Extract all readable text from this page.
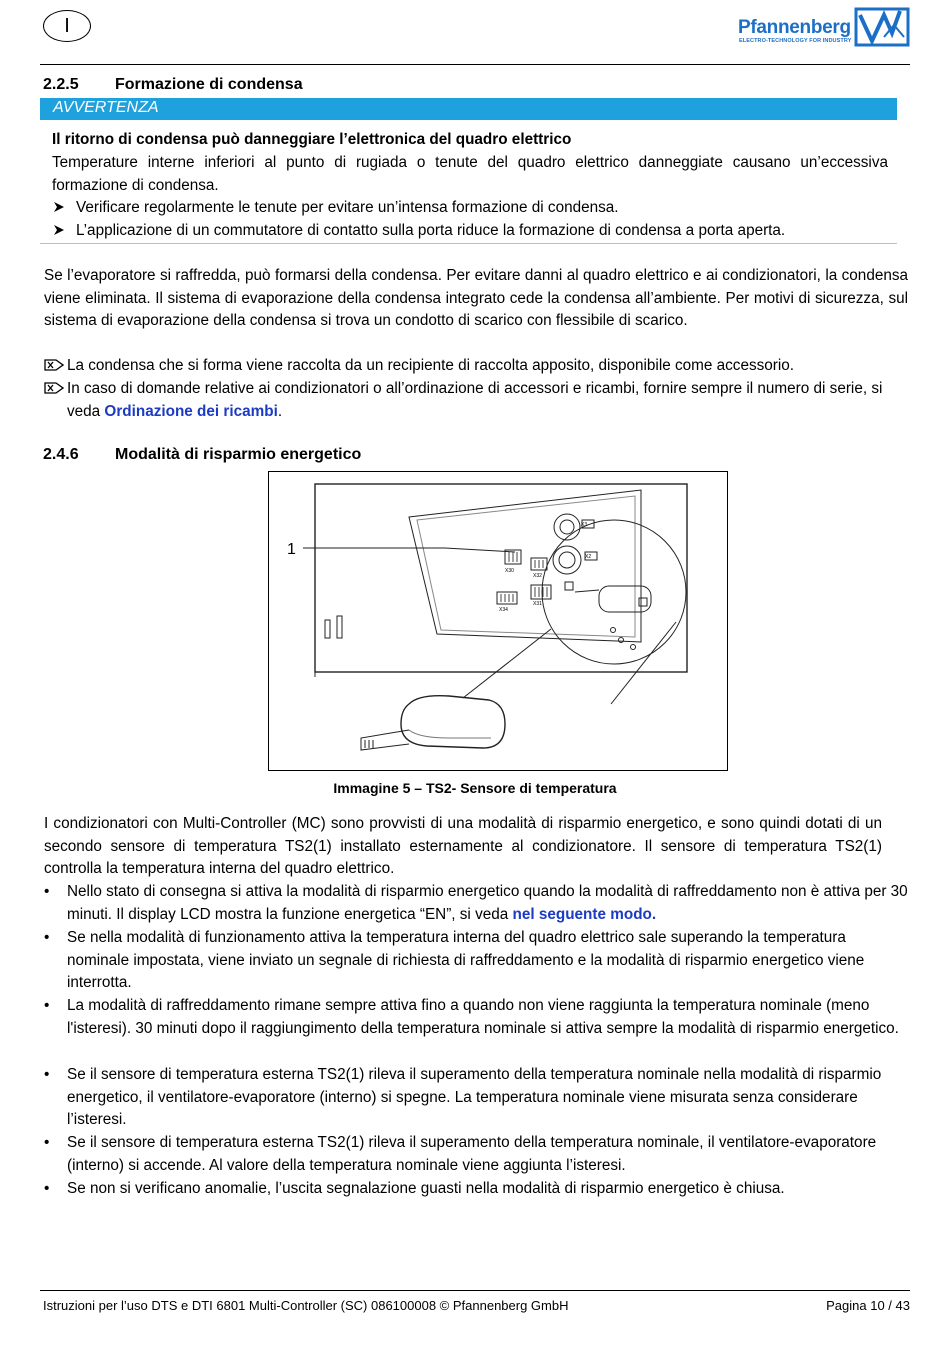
I	Pfannenberg
ELECTRO-TECHNOLOGY FOR INDUSTRY
2.2.5 Formazione di condensa
AVVERTENZA
Il ritorno di condensa può danneggiare l’elettronica del quadro elettrico
Temperature interne inferiori al punto di rugiada o tenute del quadro elettrico danneggiate causano un’eccessiva formazione di condensa.
Verificare regolarmente le tenute per evitare un’intensa formazione di condensa.
L’applicazione di un commutatore di contatto sulla porta riduce la formazione di condensa a porta aperta.
Se l’evaporatore si raffredda, può formarsi della condensa. Per evitare danni al quadro elettrico e ai condizionatori, la condensa viene eliminata. Il sistema di evaporazione della condensa integrato cede la condensa all’ambiente. Per motivi di sicurezza, sul sistema di evaporazione della condensa si trova un condotto di scarico con flessibile di scarico.
La condensa che si forma viene raccolta da un recipiente di raccolta apposito, disponibile come accessorio.
In caso di domande relative ai condizionatori o all’ordinazione di accessori e ricambi, fornire sempre il numero di serie, si veda Ordinazione dei ricambi.
2.4.6 Modalità di risparmio energetico
X3
X2
X30
X32
X34
X31
1
Immagine 5 – TS2- Sensore di temperatura
I condizionatori con Multi-Controller (MC) sono provvisti di una modalità di risparmio energetico, e sono quindi dotati di un secondo sensore di temperatura TS2(1) installato esternamente al condizionatore. Il sensore di temperatura TS2(1) controlla la temperatura interna del quadro elettrico.
• Nello stato di consegna si attiva la modalità di risparmio energetico quando la modalità di raffreddamento non è attiva per 30 minuti. Il display LCD mostra la funzione energetica “EN”, si veda nel seguente modo.
• Se nella modalità di funzionamento attiva la temperatura interna del quadro elettrico sale superando la temperatura nominale impostata, viene inviato un segnale di richiesta di raffreddamento e la modalità di risparmio energetico viene interrotta.
• La modalità di raffreddamento rimane sempre attiva fino a quando non viene raggiunta la temperatura nominale (meno l'isteresi). 30 minuti dopo il raggiungimento della temperatura nominale si attiva sempre la modalità di risparmio energetico.
• Se il sensore di temperatura esterna TS2(1) rileva il superamento della temperatura nominale nella modalità di risparmio energetico, il ventilatore-evaporatore (interno) si spegne. La temperatura nominale viene misurata senza considerare l’isteresi.
• Se il sensore di temperatura esterna TS2(1) rileva il superamento della temperatura nominale, il ventilatore-evaporatore (interno) si accende. Al valore della temperatura nominale viene aggiunta l’isteresi.
• Se non si verificano anomalie, l’uscita segnalazione guasti nella modalità di risparmio energetico è chiusa.
Istruzioni per l’uso DTS e DTI 6801 Multi-Controller (SC) 086100008 © Pfannenberg GmbH	Pagina 10 / 43
